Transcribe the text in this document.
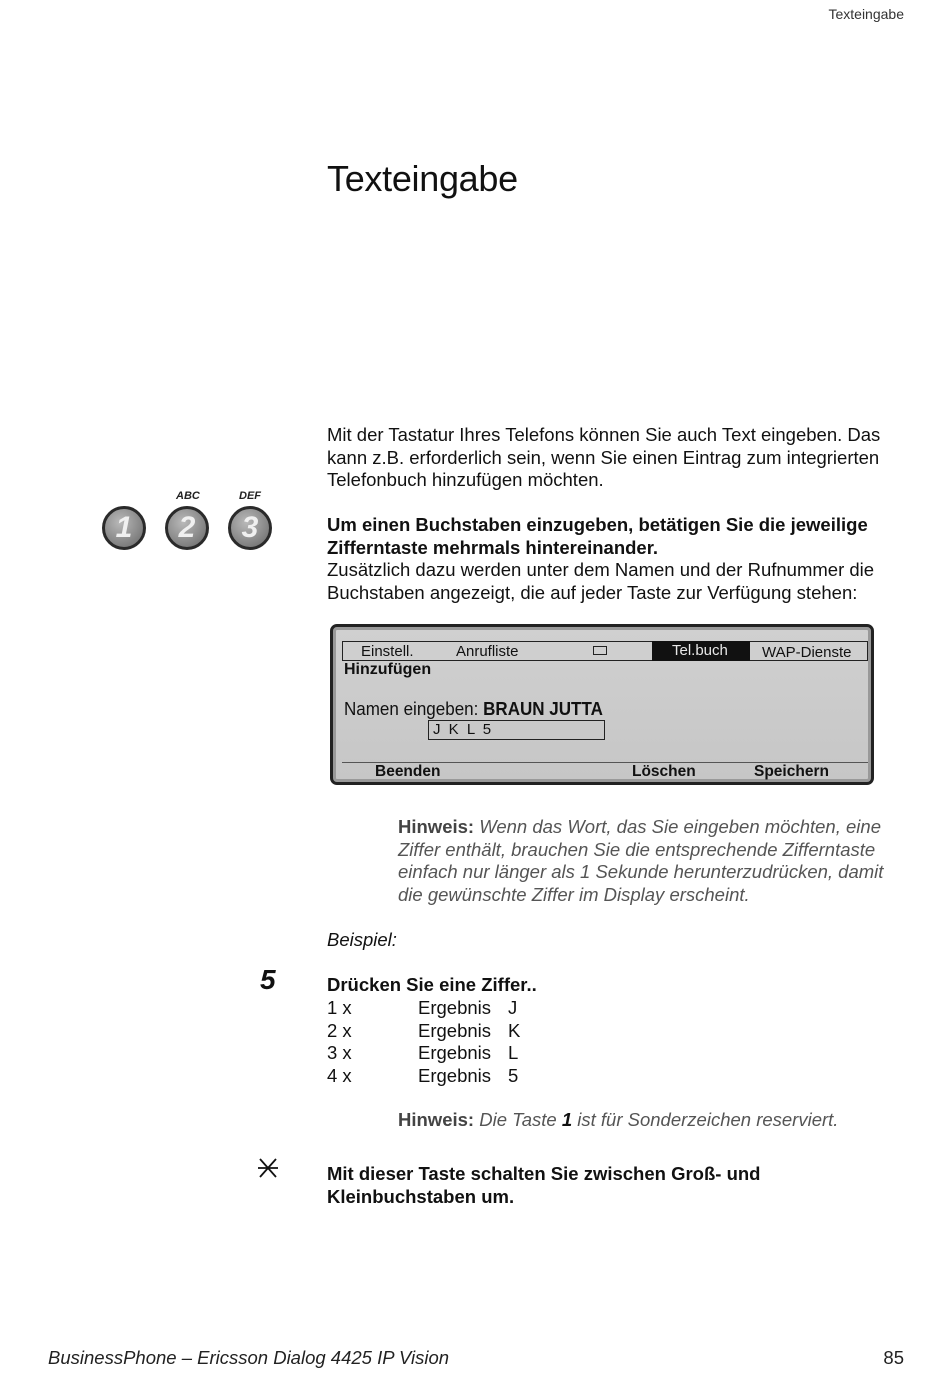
Texteingabe
Texteingabe

Mit der Tastatur Ihres Telefons können Sie auch Text eingeben. Das kann z.B. erforderlich sein, wenn Sie einen Eintrag zum integrierten Telefonbuch hinzufügen möchten.

1
ABC
2
DEF
3	Um einen Buchstaben einzugeben, betätigen Sie die jeweilige Zifferntaste mehrmals hintereinander.
Zusätzlich dazu werden unter dem Namen und der Rufnummer die Buchstaben angezeigt, die auf jeder Taste zur Verfügung stehen:
Einstell.	Anrufliste	Tel.buch	WAP-Dienste
Hinzufügen
Namen eingeben: BRAUN JUTTA
J K L 5
Beenden	Löschen	Speichern
Hinweis: Wenn das Wort, das Sie eingeben möchten, eine Ziffer enthält, brauchen Sie die entsprechende Zifferntaste einfach nur länger als 1 Sekunde herunterzudrücken, damit die gewünschte Ziffer im Display erscheint.
Beispiel:
5	Drücken Sie eine Ziffer..
1 x	Ergebnis	J
2 x	Ergebnis	K
3 x	Ergebnis	L
4 x	Ergebnis	5
Hinweis: Die Taste 1 ist für Sonderzeichen reserviert.
Mit dieser Taste schalten Sie zwischen Groß- und Kleinbuchstaben um.
BusinessPhone – Ericsson Dialog 4425 IP Vision	85
